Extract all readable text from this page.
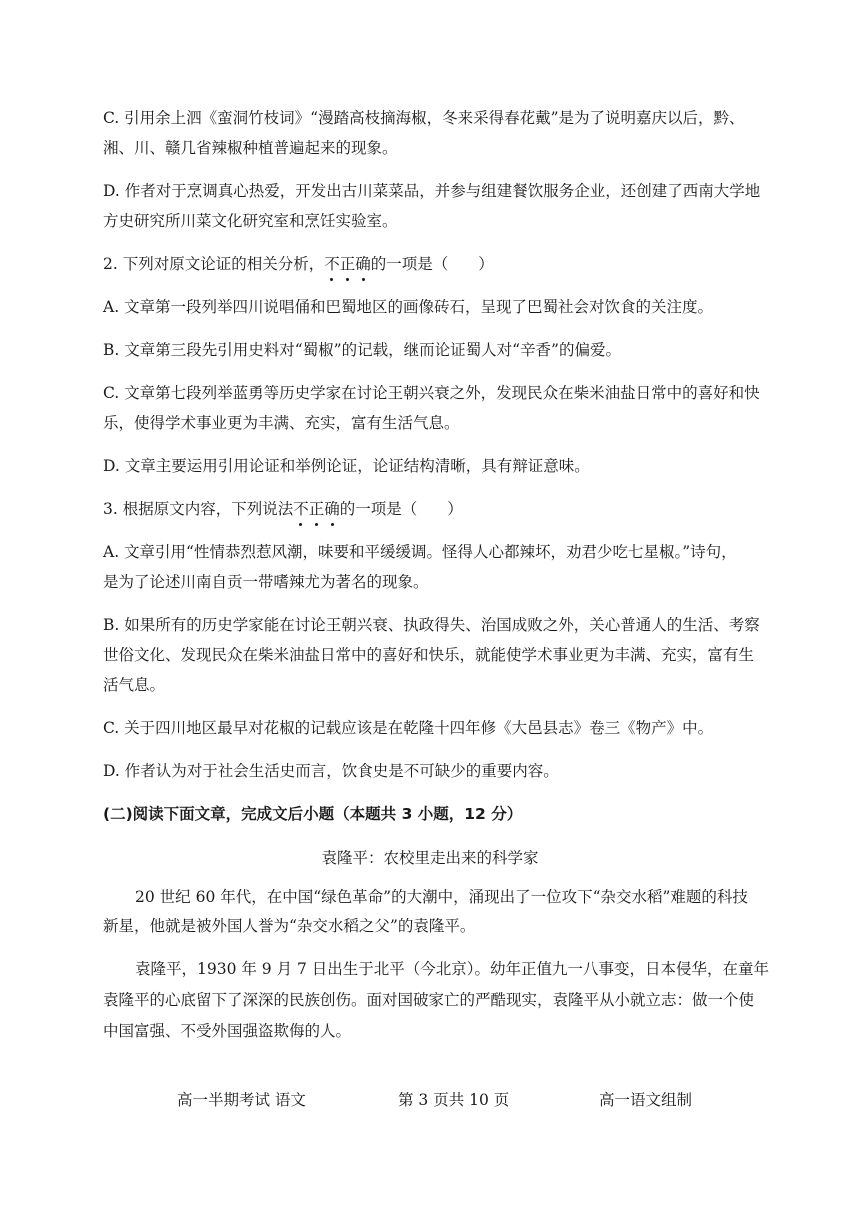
C. 引用余上泗《蛮洞竹枝词》“漫踏高枝摘海椒，冬来采得春花戴”是为了说明嘉庆以后，黔、
湘、川、赣几省辣椒种植普遍起来的现象。
D. 作者对于烹调真心热爱，开发出古川菜菜品，并参与组建餐饮服务企业，还创建了西南大学地
方史研究所川菜文化研究室和烹饪实验室。
2. 下列对原文论证的相关分析，不正确的一项是（ ）
A. 文章第一段列举四川说唱俑和巴蜀地区的画像砖石，呈现了巴蜀社会对饮食的关注度。
B. 文章第三段先引用史料对“蜀椒”的记载，继而论证蜀人对“辛香”的偏爱。
C. 文章第七段列举蓝勇等历史学家在讨论王朝兴衰之外，发现民众在柴米油盐日常中的喜好和快
乐，使得学术事业更为丰满、充实，富有生活气息。
D. 文章主要运用引用论证和举例论证，论证结构清晰，具有辩证意味。
3. 根据原文内容，下列说法不正确的一项是（ ）
A. 文章引用“性情恭烈惹风潮，味要和平缓缓调。怪得人心都辣坏，劝君少吃七星椒。”诗句，
是为了论述川南自贡一带嗜辣尤为著名的现象。
B. 如果所有的历史学家能在讨论王朝兴衰、执政得失、治国成败之外，关心普通人的生活、考察
世俗文化、发现民众在柴米油盐日常中的喜好和快乐，就能使学术事业更为丰满、充实，富有生
活气息。
C. 关于四川地区最早对花椒的记载应该是在乾隆十四年修《大邑县志》卷三《物产》中。
D. 作者认为对于社会生活史而言，饮食史是不可缺少的重要内容。
(二)阅读下面文章，完成文后小题（本题共 3 小题，12 分）
袁隆平：农校里走出来的科学家
20 世纪 60 年代，在中国“绿色革命”的大潮中，涌现出了一位攻下“杂交水稻”难题的科技
新星，他就是被外国人誉为“杂交水稻之父”的袁隆平。
袁隆平，1930 年 9 月 7 日出生于北平（今北京）。幼年正值九一八事变，日本侵华，在童年
袁隆平的心底留下了深深的民族创伤。面对国破家亡的严酷现实，袁隆平从小就立志：做一个使
中国富强、不受外国强盗欺侮的人。
高一半期考试 语文	第 3 页共 10 页	高一语文组制
